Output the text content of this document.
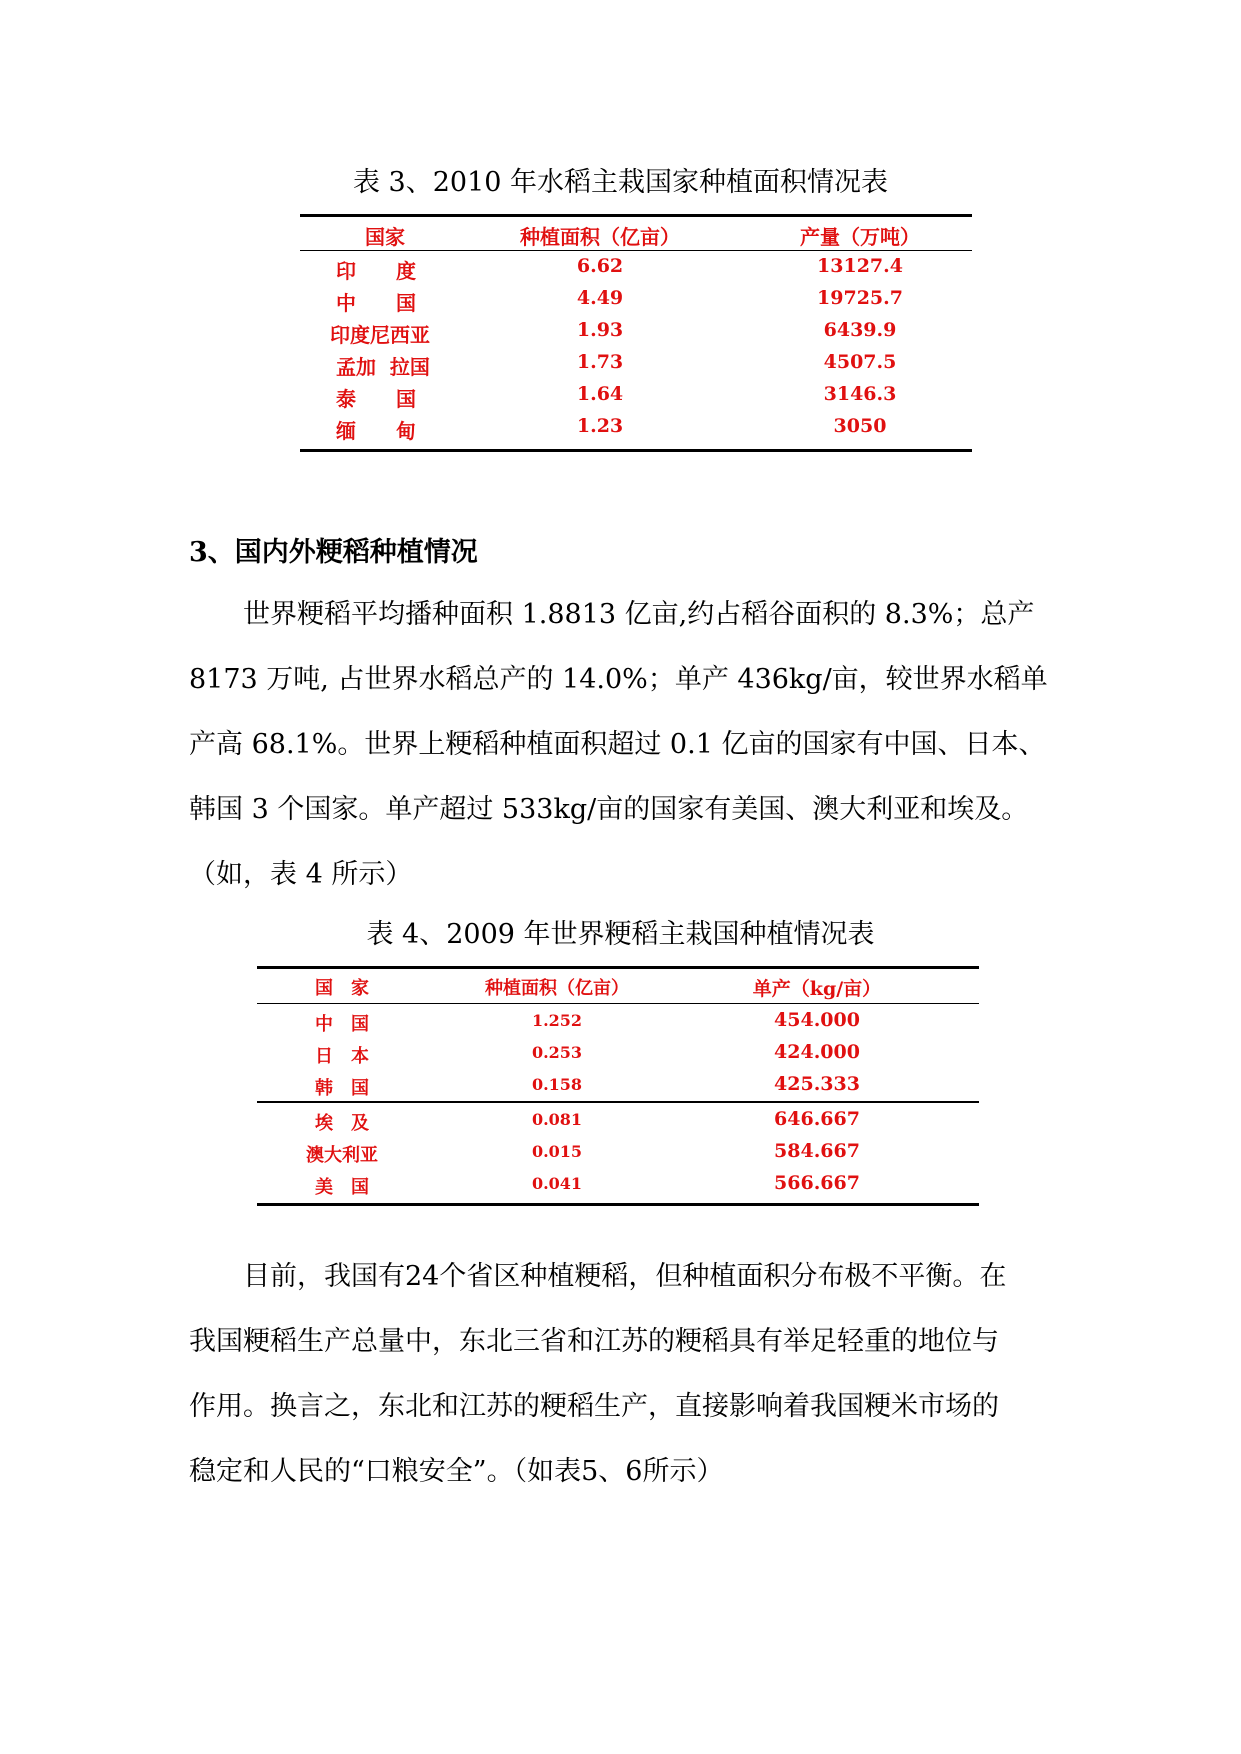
表 3、2010 年水稻主栽国家种植面积情况表
国家	种植面积（亿亩）	产量（万吨）
印　　度	6.62	13127.4
中　　国	4.49	19725.7
印度尼西亚	1.93	6439.9
孟加  拉国	1.73	4507.5
泰　　国	1.64	3146.3
缅　　甸	1.23	3050
3、国内外粳稻种植情况
　　世界粳稻平均播种面积 1.8813 亿亩,约占稻谷面积的 8.3%；总产
8173 万吨, 占世界水稻总产的 14.0%；单产 436kg/亩，较世界水稻单
产高 68.1%。世界上粳稻种植面积超过 0.1 亿亩的国家有中国、日本、
韩国 3 个国家。单产超过 533kg/亩的国家有美国、澳大利亚和埃及。
（如，表 4 所示）
表 4、2009 年世界粳稻主栽国种植情况表
国　家	种植面积（亿亩）	单产（kg/亩）
中　国	1.252	454.000
日　本	0.253	424.000
韩　国	0.158	425.333
埃　及	0.081	646.667
澳大利亚	0.015	584.667
美　国	0.041	566.667
　　目前，我国有24个省区种植粳稻，但种植面积分布极不平衡。在
我国粳稻生产总量中，东北三省和江苏的粳稻具有举足轻重的地位与
作用。换言之，东北和江苏的粳稻生产，直接影响着我国粳米市场的
稳定和人民的“口粮安全”。（如表5、6所示）
